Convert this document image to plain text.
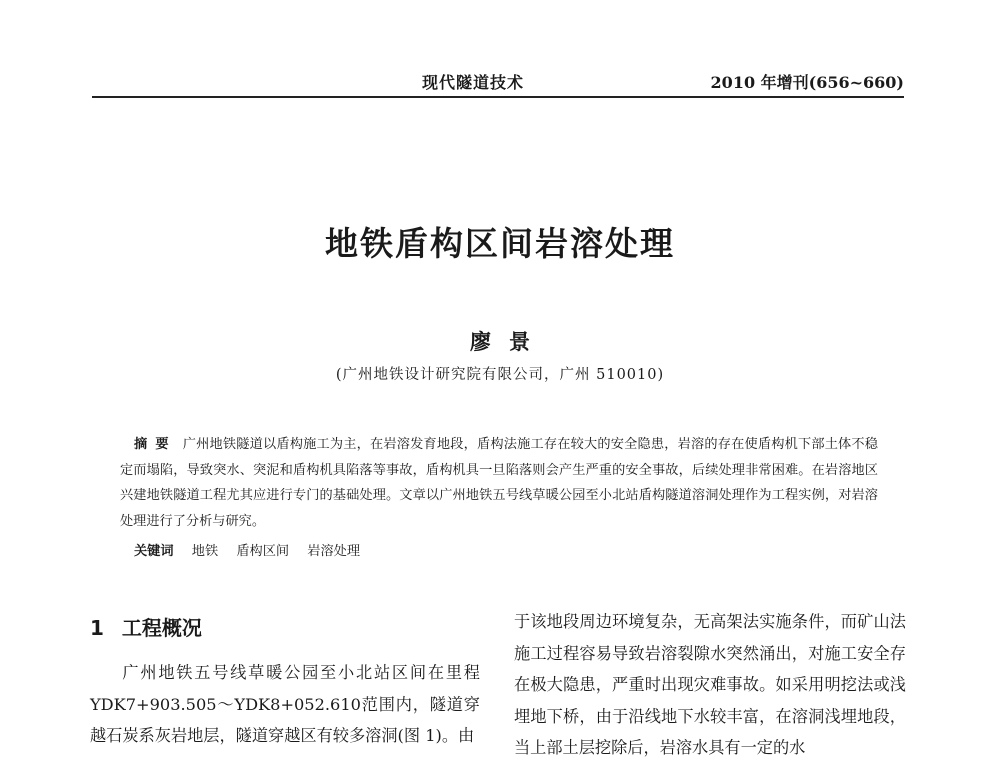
现代隧道技术	2010 年增刊(656~660)
地铁盾构区间岩溶处理
廖景
(广州地铁设计研究院有限公司，广州 510010)
摘要 广州地铁隧道以盾构施工为主，在岩溶发育地段，盾构法施工存在较大的安全隐患，岩溶的存在使盾构机下部土体不稳定而塌陷，导致突水、突泥和盾构机具陷落等事故，盾构机具一旦陷落则会产生严重的安全事故，后续处理非常困难。在岩溶地区兴建地铁隧道工程尤其应进行专门的基础处理。文章以广州地铁五号线草暖公园至小北站盾构隧道溶洞处理作为工程实例，对岩溶处理进行了分析与研究。
关键词 地铁 盾构区间 岩溶处理
1 工程概况

广州地铁五号线草暖公园至小北站区间在里程YDK7+903.505～YDK8+052.610范围内，隧道穿越石炭系灰岩地层，隧道穿越区有较多溶洞(图 1)。由

于该地段周边环境复杂，无高架法实施条件，而矿山法施工过程容易导致岩溶裂隙水突然涌出，对施工安全存在极大隐患，严重时出现灾难事故。如采用明挖法或浅埋地下桥，由于沿线地下水较丰富，在溶洞浅埋地段，当上部土层挖除后，岩溶水具有一定的水
